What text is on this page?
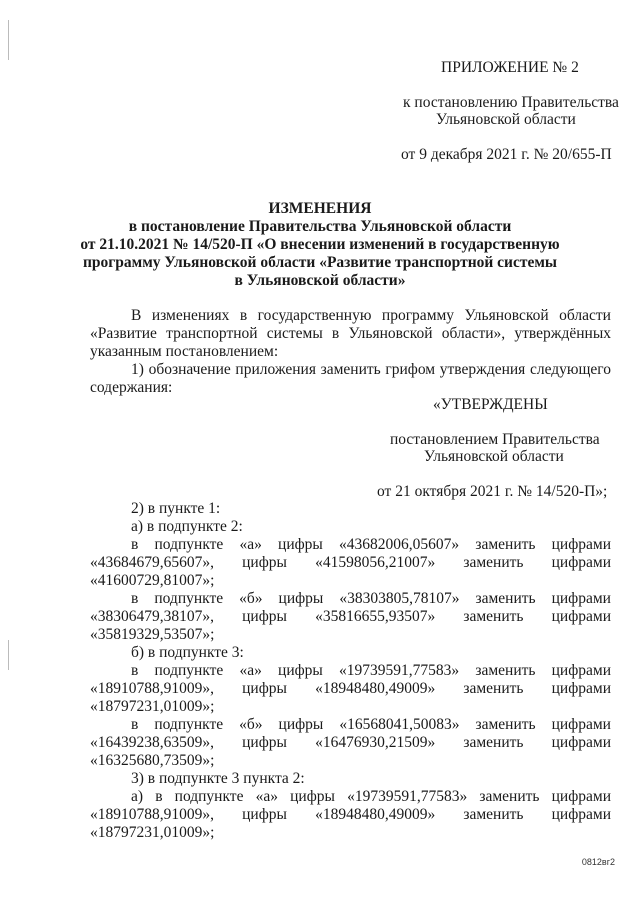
ПРИЛОЖЕНИЕ № 2
к постановлению Правительства
Ульяновской области
от 9 декабря 2021 г. № 20/655-П
ИЗМЕНЕНИЯ
в постановление Правительства Ульяновской области
от 21.10.2021 № 14/520-П «О внесении изменений в государственную
программу Ульяновской области «Развитие транспортной системы
в Ульяновской области»
В изменениях в государственную программу Ульяновской области
«Развитие транспортной системы в Ульяновской области», утверждённых
указанным постановлением:
1) обозначение приложения заменить грифом утверждения следующего
содержания:
«УТВЕРЖДЕНЫ
постановлением Правительства
Ульяновской области
от 21 октября 2021 г. № 14/520-П»;
2) в пункте 1:
а) в подпункте 2:
в подпункте «а» цифры «43682006,05607» заменить цифрами
«43684679,65607», цифры «41598056,21007» заменить цифрами
«41600729,81007»;
в подпункте «б» цифры «38303805,78107» заменить цифрами
«38306479,38107», цифры «35816655,93507» заменить цифрами
«35819329,53507»;
б) в подпункте 3:
в подпункте «а» цифры «19739591,77583» заменить цифрами
«18910788,91009», цифры «18948480,49009» заменить цифрами
«18797231,01009»;
в подпункте «б» цифры «16568041,50083» заменить цифрами
«16439238,63509», цифры «16476930,21509» заменить цифрами
«16325680,73509»;
3) в подпункте 3 пункта 2:
а) в подпункте «а» цифры «19739591,77583» заменить цифрами
«18910788,91009», цифры «18948480,49009» заменить цифрами
«18797231,01009»;
0812вг2
